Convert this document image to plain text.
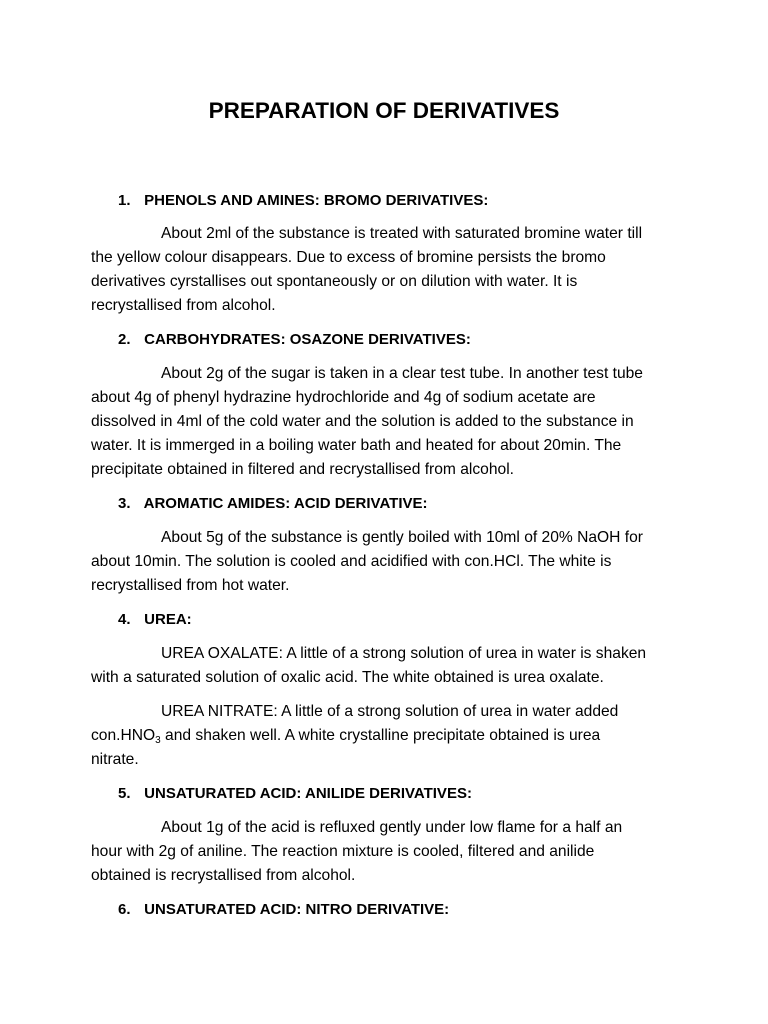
PREPARATION OF DERIVATIVES
1. PHENOLS AND AMINES: BROMO DERIVATIVES:
About 2ml of the substance is treated with saturated bromine water till
the yellow colour disappears. Due to excess of bromine persists the bromo
derivatives cyrstallises out spontaneously or on dilution with water. It is
recrystallised from alcohol.
2. CARBOHYDRATES: OSAZONE DERIVATIVES:
About 2g of the sugar is taken in a clear test tube. In another test tube
about 4g of phenyl hydrazine hydrochloride and 4g of sodium acetate are
dissolved in 4ml of the cold water and the solution is added to the substance in
water. It is immerged in a boiling water bath and heated for about 20min. The
precipitate obtained in filtered and recrystallised from alcohol.
3. AROMATIC AMIDES: ACID DERIVATIVE:
About 5g of the substance is gently boiled with 10ml of 20% NaOH for
about 10min. The solution is cooled and acidified with con.HCl. The white is
recrystallised from hot water.
4. UREA:
UREA OXALATE: A little of a strong solution of urea in water is shaken
with a saturated solution of oxalic acid. The white obtained is urea oxalate.
UREA NITRATE: A little of a strong solution of urea in water added
$con.HNO_3$ and shaken well. A white crystalline precipitate obtained is urea
nitrate.
5. UNSATURATED ACID: ANILIDE DERIVATIVES:
About 1g of the acid is refluxed gently under low flame for a half an
hour with 2g of aniline. The reaction mixture is cooled, filtered and anilide
obtained is recrystallised from alcohol.
6. UNSATURATED ACID: NITRO DERIVATIVE:
